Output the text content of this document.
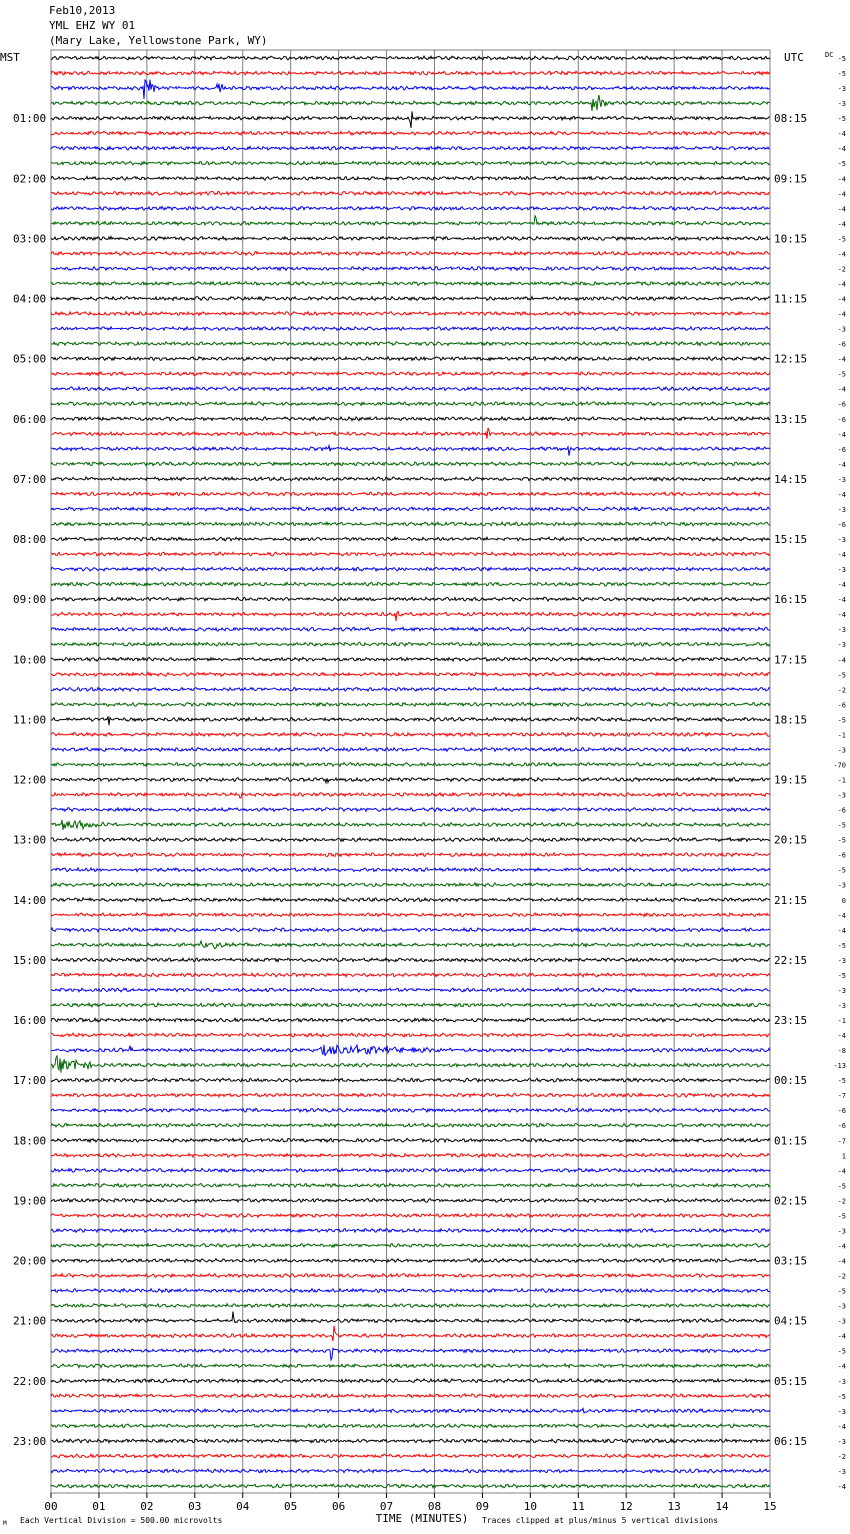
Feb10,2013
YML EHZ WY 01
(Mary Lake, Yellowstone Park, WY)
MST	UTC	DC
01:00
02:00
03:00
04:00
05:00
06:00
07:00
08:00
09:00
10:00
11:00
12:00
13:00
14:00
15:00
16:00
17:00
18:00
19:00
20:00
21:00
22:00
23:00
08:15
09:15
10:15
11:15
12:15
13:15
14:15
15:15
16:15
17:15
18:15
19:15
20:15
21:15
22:15
23:15
00:15
01:15
02:15
03:15
04:15
05:15
06:15
-5
-5
-3
-3
-5
-4
-4
-5
-4
-4
-4
-4
-5
-4
-2
-4
-4
-4
-3
-6
-4
-5
-4
-6
-6
-4
-6
-4
-3
-4
-3
-6
-3
-4
-3
-4
-4
-4
-3
-3
-4
-5
-2
-6
-5
-1
-3
-70
-1
-3
-6
-5
-5
-6
-5
-3
0
-4
-4
-5
-3
-5
-3
-3
-1
-4
-8
-13
-5
-7
-6
-6
-7
1
-4
-5
-2
-5
-3
-4
-4
-2
-5
-3
-3
-4
-5
-4
-3
-5
-3
-4
-3
-2
-3
-4
00	01	02	03	04	05	06	07	08	09	10	11	12	13	14	15
TIME (MINUTES)
M Each Vertical Division = 500.00 microvolts	Traces clipped at plus/minus 5 vertical divisions
